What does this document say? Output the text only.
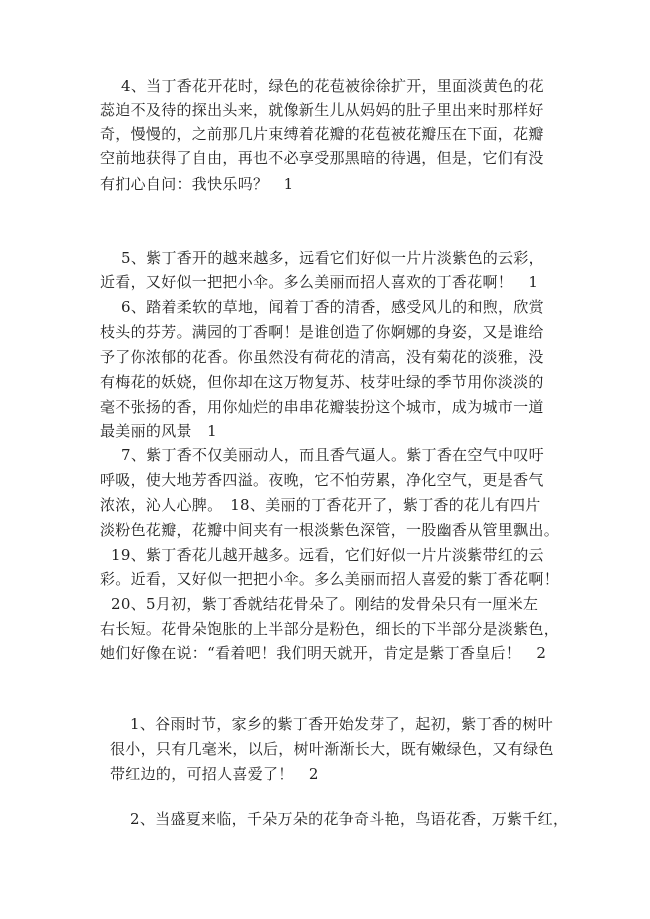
4、当丁香花开花时，绿色的花苞被徐徐扩开，里面淡黄色的花
蕊迫不及待的探出头来，就像新生儿从妈妈的肚子里出来时那样好
奇，慢慢的，之前那几片束缚着花瓣的花苞被花瓣压在下面，花瓣
空前地获得了自由，再也不必享受那黑暗的待遇，但是，它们有没
有扪心自问：我快乐吗？　1
5、紫丁香开的越来越多，远看它们好似一片片淡紫色的云彩，
近看，又好似一把把小伞。多么美丽而招人喜欢的丁香花啊！　1
6、踏着柔软的草地，闻着丁香的清香，感受风儿的和煦，欣赏
枝头的芬芳。满园的丁香啊！是谁创造了你婀娜的身姿，又是谁给
予了你浓郁的花香。你虽然没有荷花的清高，没有菊花的淡雅，没
有梅花的妖娆，但你却在这万物复苏、枝芽吐绿的季节用你淡淡的
毫不张扬的香，用你灿烂的串串花瓣装扮这个城市，成为城市一道
最美丽的风景　1
7、紫丁香不仅美丽动人，而且香气逼人。紫丁香在空气中叹吁
呼吸，使大地芳香四溢。夜晚，它不怕劳累，净化空气，更是香气
浓浓，沁人心脾。　18、美丽的丁香花开了，紫丁香的花儿有四片
淡粉色花瓣，花瓣中间夹有一根淡紫色深管，一股幽香从管里飘出。
19、紫丁香花儿越开越多。远看，它们好似一片片淡紫带红的云
彩。近看，又好似一把把小伞。多么美丽而招人喜爱的紫丁香花啊！
20、5月初，紫丁香就结花骨朵了。刚结的发骨朵只有一厘米左
右长短。花骨朵饱胀的上半部分是粉色，细长的下半部分是淡紫色，
她们好像在说：“看着吧！我们明天就开，肯定是紫丁香皇后！　2
1、谷雨时节，家乡的紫丁香开始发芽了，起初，紫丁香的树叶
很小，只有几毫米，以后，树叶渐渐长大，既有嫩绿色，又有绿色
带红边的，可招人喜爱了！　2
2、当盛夏来临，千朵万朵的花争奇斗艳，鸟语花香，万紫千红，
